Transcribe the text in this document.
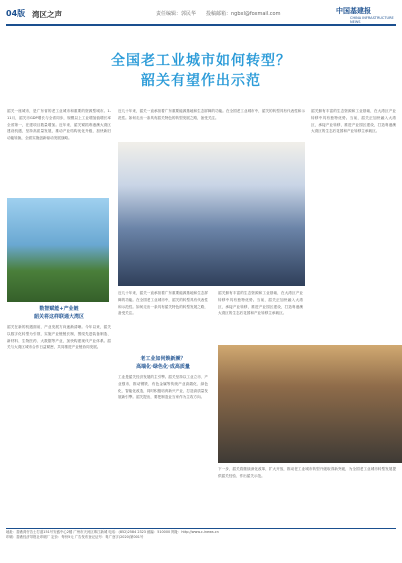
04版 湾区之声	责任编辑：郭民华 投稿邮箱：ngbxl@foxmail.com	中国基建报
CHINA INFRASTRUCTURE NEWS
全国老工业城市如何转型？
韶关有望作出示范
韶关一座城市，是广东省的老工业城市和重要的资源型城市。1-11月，韶关市GDP增长与全省同步，规模以上工业增加值增长率全省第一，在建项目数量增加。近年来，韶关紧抓粤港澳大湾区建设机遇，坚持高质量发展，推动产业结构优化升级，加快新旧动能转换，全面实施创新驱动发展战略。
数智赋能+产业链
韶关将这样联通大湾区
韶关在新的机遇面前，产业发展方向逐渐清晰。今年以来，韶关以数字化转型为引领，实施产业链链长制，围绕先进装备制造、新材料、生物医药、大数据等产业，加快构建现代产业体系。韶关与大湾区城市合作日益紧密，共同推进产业链协同发展。
近几十年来，韶关一直承担着广东重要能源基地和生态屏障的功能。在全国老工业城市中，韶关的转型具有代表性和示范性。如何走出一条具有韶关特色的转型发展之路，备受关注。
近几十年来，韶关一直承担着广东重要能源基地和生态屏障的功能。在全国老工业城市中，韶关的转型具有代表性和示范性。如何走出一条具有韶关特色的转型发展之路，备受关注。
老工业如何焕新颜？
高端化·绿色化·成高质量
工业是韶关经济发展的主引擎。韶关坚持以工业立市、产业强市，推动钢铁、有色金属等传统产业高端化、绿色化、智能化改造，同时积极培育新兴产业，打造高质量发展新引擎。韶关提出，要把制造业当家作为主攻方向。
韶关拥有丰富的生态资源和工业基础，在大湾区产业转移中具有独特优势。当前，韶关正加快融入大湾区，承接产业转移，推进产业园区建设，打造粤港澳大湾区的生态后花园和产业转移主承载区。
韶关拥有丰富的生态资源和工业基础，在大湾区产业转移中具有独特优势。当前，韶关正加快融入大湾区，承接产业转移，推进产业园区建设，打造粤港澳大湾区的生态后花园和产业转移主承载区。
下一步，韶关将继续深化改革，扩大开放，推动老工业城市转型升级取得新突破，为全国老工业城市转型发展提供韶关经验、作出韶关示范。
地址：香港湾仔告士打道151号安盛中心2楼 广州市天河区珠江新城 电话：(852)2584 2323 邮编：510000 网址：http://www.c-inews.cn
印刷：香港经济导报社印刷厂 定价：每份5元 广告发布登记证号：粤广登字(2020)第001号
